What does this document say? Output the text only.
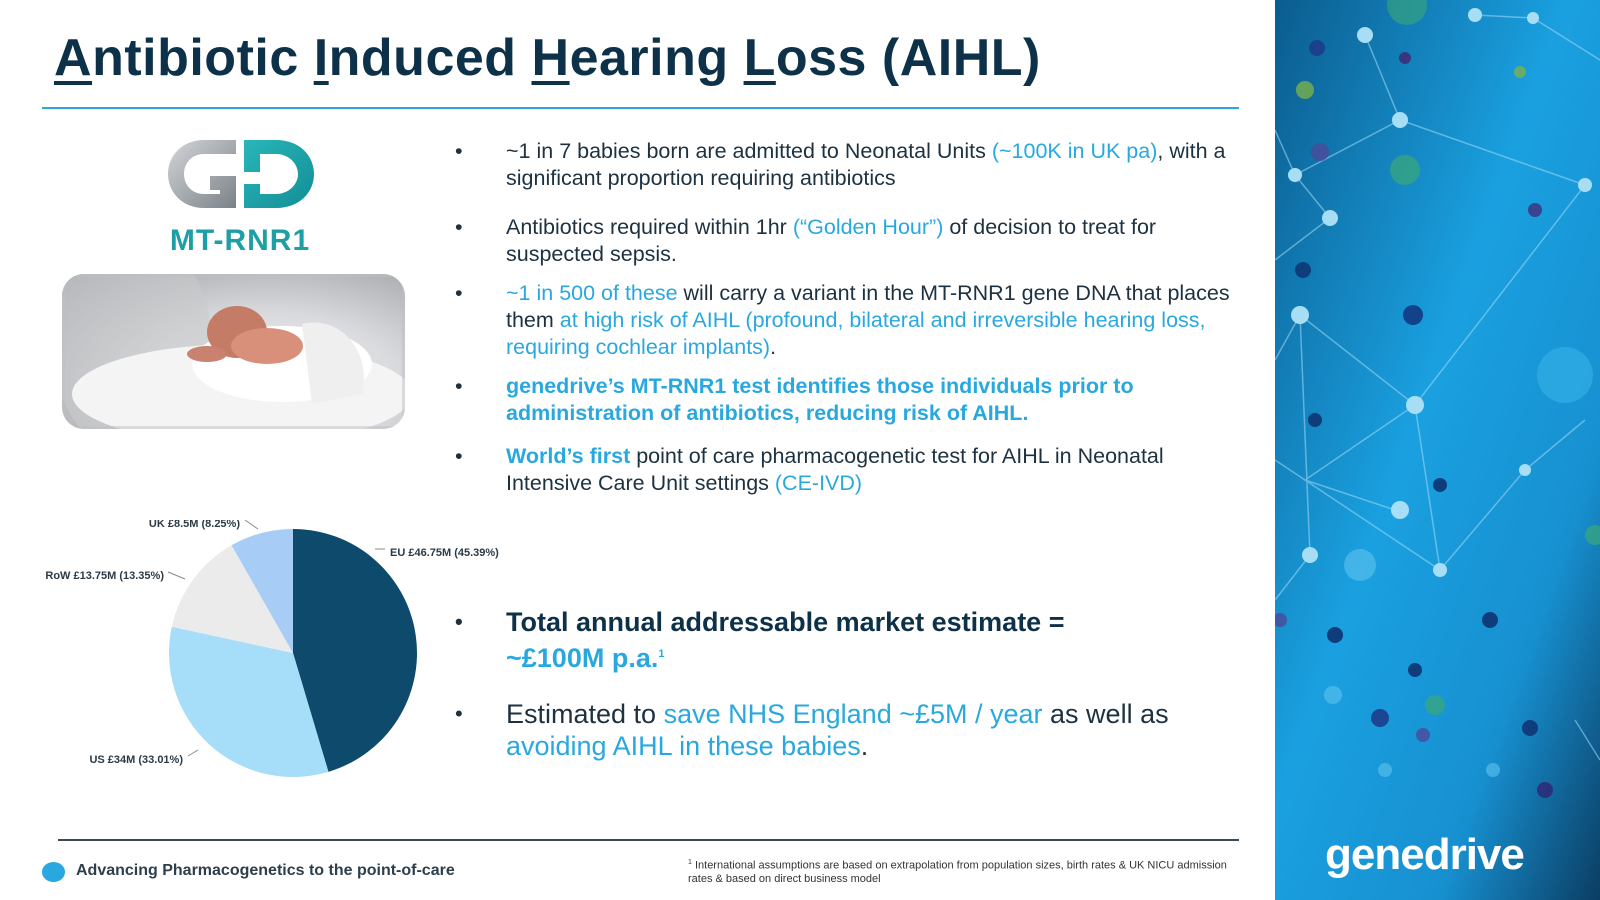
Antibiotic Induced Hearing Loss (AIHL)
MT-RNR1
• ~1 in 7 babies born are admitted to Neonatal Units (~100K in UK pa), with a significant proportion requiring antibiotics
• Antibiotics required within 1hr (“Golden Hour”) of decision to treat for suspected sepsis.
• ~1 in 500 of these will carry a variant in the MT-RNR1 gene DNA that places them at high risk of AIHL (profound, bilateral and irreversible hearing loss, requiring cochlear implants).
• genedrive’s MT-RNR1 test identifies those individuals prior to administration of antibiotics, reducing risk of AIHL.
• World’s first point of care pharmacogenetic test for AIHL in Neonatal Intensive Care Unit settings (CE-IVD)
• Total annual addressable market estimate =
~£100M p.a.$^1$
• Estimated to save NHS England ~£5M / year as well as avoiding AIHL in these babies.
EU £46.75M (45.39%)
US £34M (33.01%)
RoW £13.75M (13.35%)
UK £8.5M (8.25%)
Advancing Pharmacogenetics to the point-of-care	$^1$ International assumptions are based on extrapolation from population sizes, birth rates & UK NICU admission rates & based on direct business model	genedrive
